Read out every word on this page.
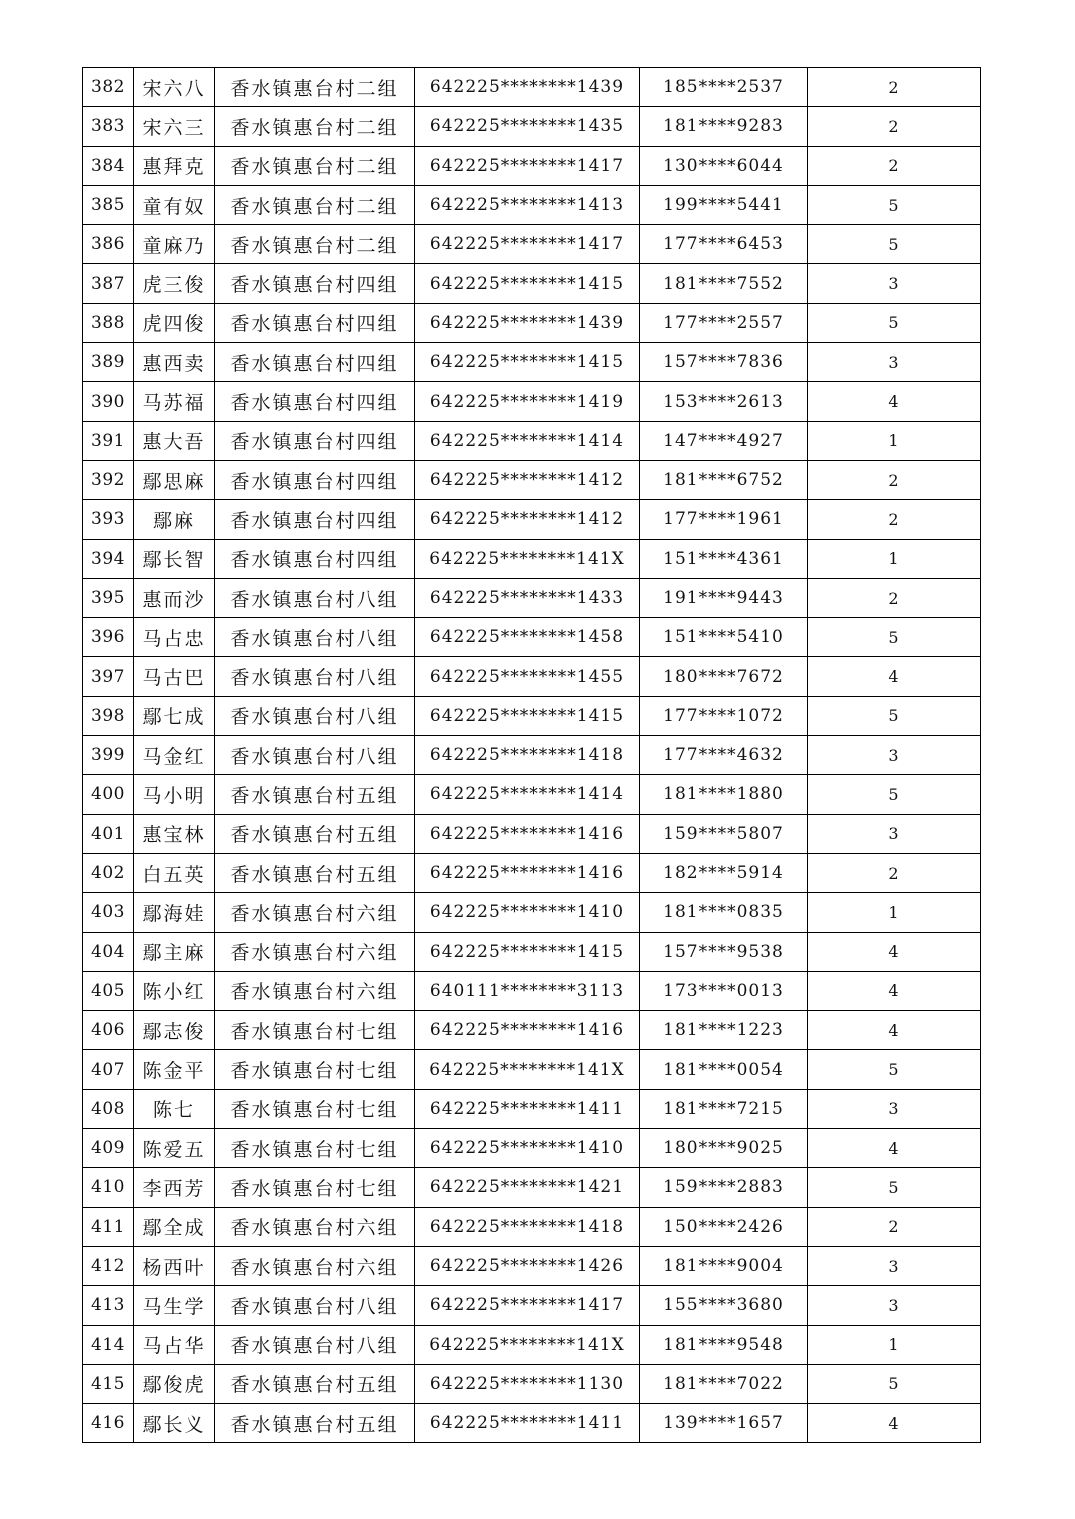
382	宋六八	香水镇惠台村二组	642225********1439	185****2537	2
383	宋六三	香水镇惠台村二组	642225********1435	181****9283	2
384	惠拜克	香水镇惠台村二组	642225********1417	130****6044	2
385	童有奴	香水镇惠台村二组	642225********1413	199****5441	5
386	童麻乃	香水镇惠台村二组	642225********1417	177****6453	5
387	虎三俊	香水镇惠台村四组	642225********1415	181****7552	3
388	虎四俊	香水镇惠台村四组	642225********1439	177****2557	5
389	惠西卖	香水镇惠台村四组	642225********1415	157****7836	3
390	马苏福	香水镇惠台村四组	642225********1419	153****2613	4
391	惠大吾	香水镇惠台村四组	642225********1414	147****4927	1
392	鄢思麻	香水镇惠台村四组	642225********1412	181****6752	2
393	鄢麻	香水镇惠台村四组	642225********1412	177****1961	2
394	鄢长智	香水镇惠台村四组	642225********141X	151****4361	1
395	惠而沙	香水镇惠台村八组	642225********1433	191****9443	2
396	马占忠	香水镇惠台村八组	642225********1458	151****5410	5
397	马古巴	香水镇惠台村八组	642225********1455	180****7672	4
398	鄢七成	香水镇惠台村八组	642225********1415	177****1072	5
399	马金红	香水镇惠台村八组	642225********1418	177****4632	3
400	马小明	香水镇惠台村五组	642225********1414	181****1880	5
401	惠宝林	香水镇惠台村五组	642225********1416	159****5807	3
402	白五英	香水镇惠台村五组	642225********1416	182****5914	2
403	鄢海娃	香水镇惠台村六组	642225********1410	181****0835	1
404	鄢主麻	香水镇惠台村六组	642225********1415	157****9538	4
405	陈小红	香水镇惠台村六组	640111********3113	173****0013	4
406	鄢志俊	香水镇惠台村七组	642225********1416	181****1223	4
407	陈金平	香水镇惠台村七组	642225********141X	181****0054	5
408	陈七	香水镇惠台村七组	642225********1411	181****7215	3
409	陈爱五	香水镇惠台村七组	642225********1410	180****9025	4
410	李西芳	香水镇惠台村七组	642225********1421	159****2883	5
411	鄢全成	香水镇惠台村六组	642225********1418	150****2426	2
412	杨西叶	香水镇惠台村六组	642225********1426	181****9004	3
413	马生学	香水镇惠台村八组	642225********1417	155****3680	3
414	马占华	香水镇惠台村八组	642225********141X	181****9548	1
415	鄢俊虎	香水镇惠台村五组	642225********1130	181****7022	5
416	鄢长义	香水镇惠台村五组	642225********1411	139****1657	4
